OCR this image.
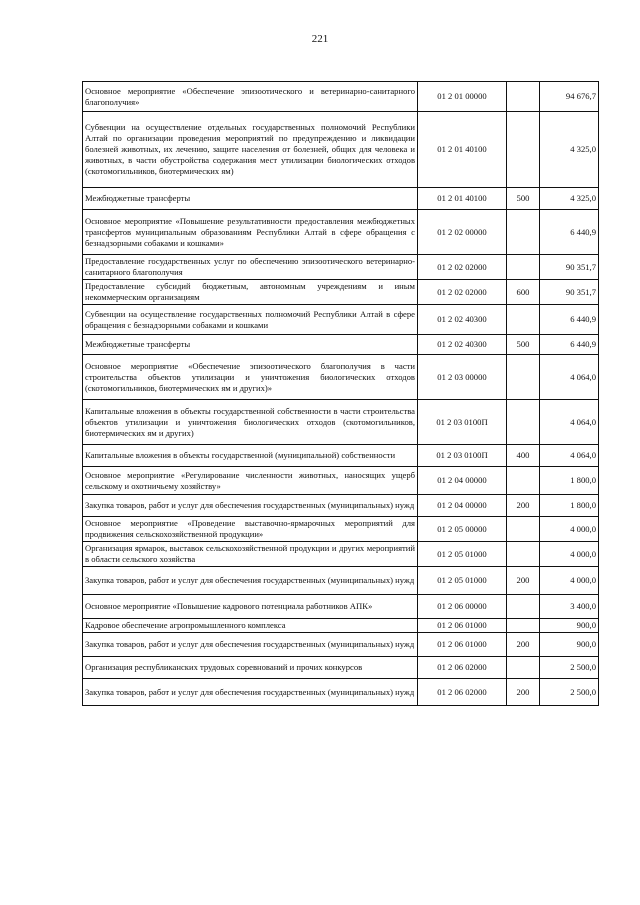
221
Основное мероприятие «Обеспечение эпизоотического и ветеринарно-санитарного благополучия»	01 2 01 00000		94 676,7
Субвенции на осуществление отдельных государственных полномочий Республики Алтай по организации проведения мероприятий по предупреждению и ликвидации болезней животных, их лечению, защите населения от болезней, общих для человека и животных, в части обустройства содержания мест утилизации биологических отходов (скотомогильников, биотермических ям)	01 2 01 40100		4 325,0
Межбюджетные трансферты	01 2 01 40100	500	4 325,0
Основное мероприятие «Повышение результативности предоставления межбюджетных трансфертов муниципальным образованиям Республики Алтай в сфере обращения с безнадзорными собаками и кошками»	01 2 02 00000		6 440,9
Предоставление государственных услуг по обеспечению эпизоотического ветеринарно-санитарного благополучия	01 2 02 02000		90 351,7
Предоставление субсидий бюджетным, автономным учреждениям и иным некоммерческим организациям	01 2 02 02000	600	90 351,7
Субвенции на осуществление государственных полномочий Республики Алтай в сфере обращения с безнадзорными собаками и кошками	01 2 02 40300		6 440,9
Межбюджетные трансферты	01 2 02 40300	500	6 440,9
Основное мероприятие «Обеспечение эпизоотического благополучия в части строительства объектов утилизации и уничтожения биологических отходов (скотомогильников, биотермических ям и других)»	01 2 03 00000		4 064,0
Капитальные вложения в объекты государственной собственности в части строительства объектов утилизации и уничтожения биологических отходов (скотомогильников, биотермических ям и других)	01 2 03 0100П		4 064,0
Капитальные вложения в объекты государственной (муниципальной) собственности	01 2 03 0100П	400	4 064,0
Основное мероприятие «Регулирование численности животных, наносящих ущерб сельскому и охотничьему хозяйству»	01 2 04 00000		1 800,0
Закупка товаров, работ и услуг для обеспечения государственных (муниципальных) нужд	01 2 04 00000	200	1 800,0
Основное мероприятие «Проведение выставочно-ярмарочных мероприятий для продвижения сельскохозяйственной продукции»	01 2 05 00000		4 000,0
Организация ярмарок, выставок сельскохозяйственной продукции и других мероприятий в области сельского хозяйства	01 2 05 01000		4 000,0
Закупка товаров, работ и услуг для обеспечения государственных (муниципальных) нужд	01 2 05 01000	200	4 000,0
Основное мероприятие «Повышение кадрового потенциала работников АПК»	01 2 06 00000		3 400,0
Кадровое обеспечение агропромышленного комплекса	01 2 06 01000		900,0
Закупка товаров, работ и услуг для обеспечения государственных (муниципальных) нужд	01 2 06 01000	200	900,0
Организация республиканских трудовых соревнований и прочих конкурсов	01 2 06 02000		2 500,0
Закупка товаров, работ и услуг для обеспечения государственных (муниципальных) нужд	01 2 06 02000	200	2 500,0
